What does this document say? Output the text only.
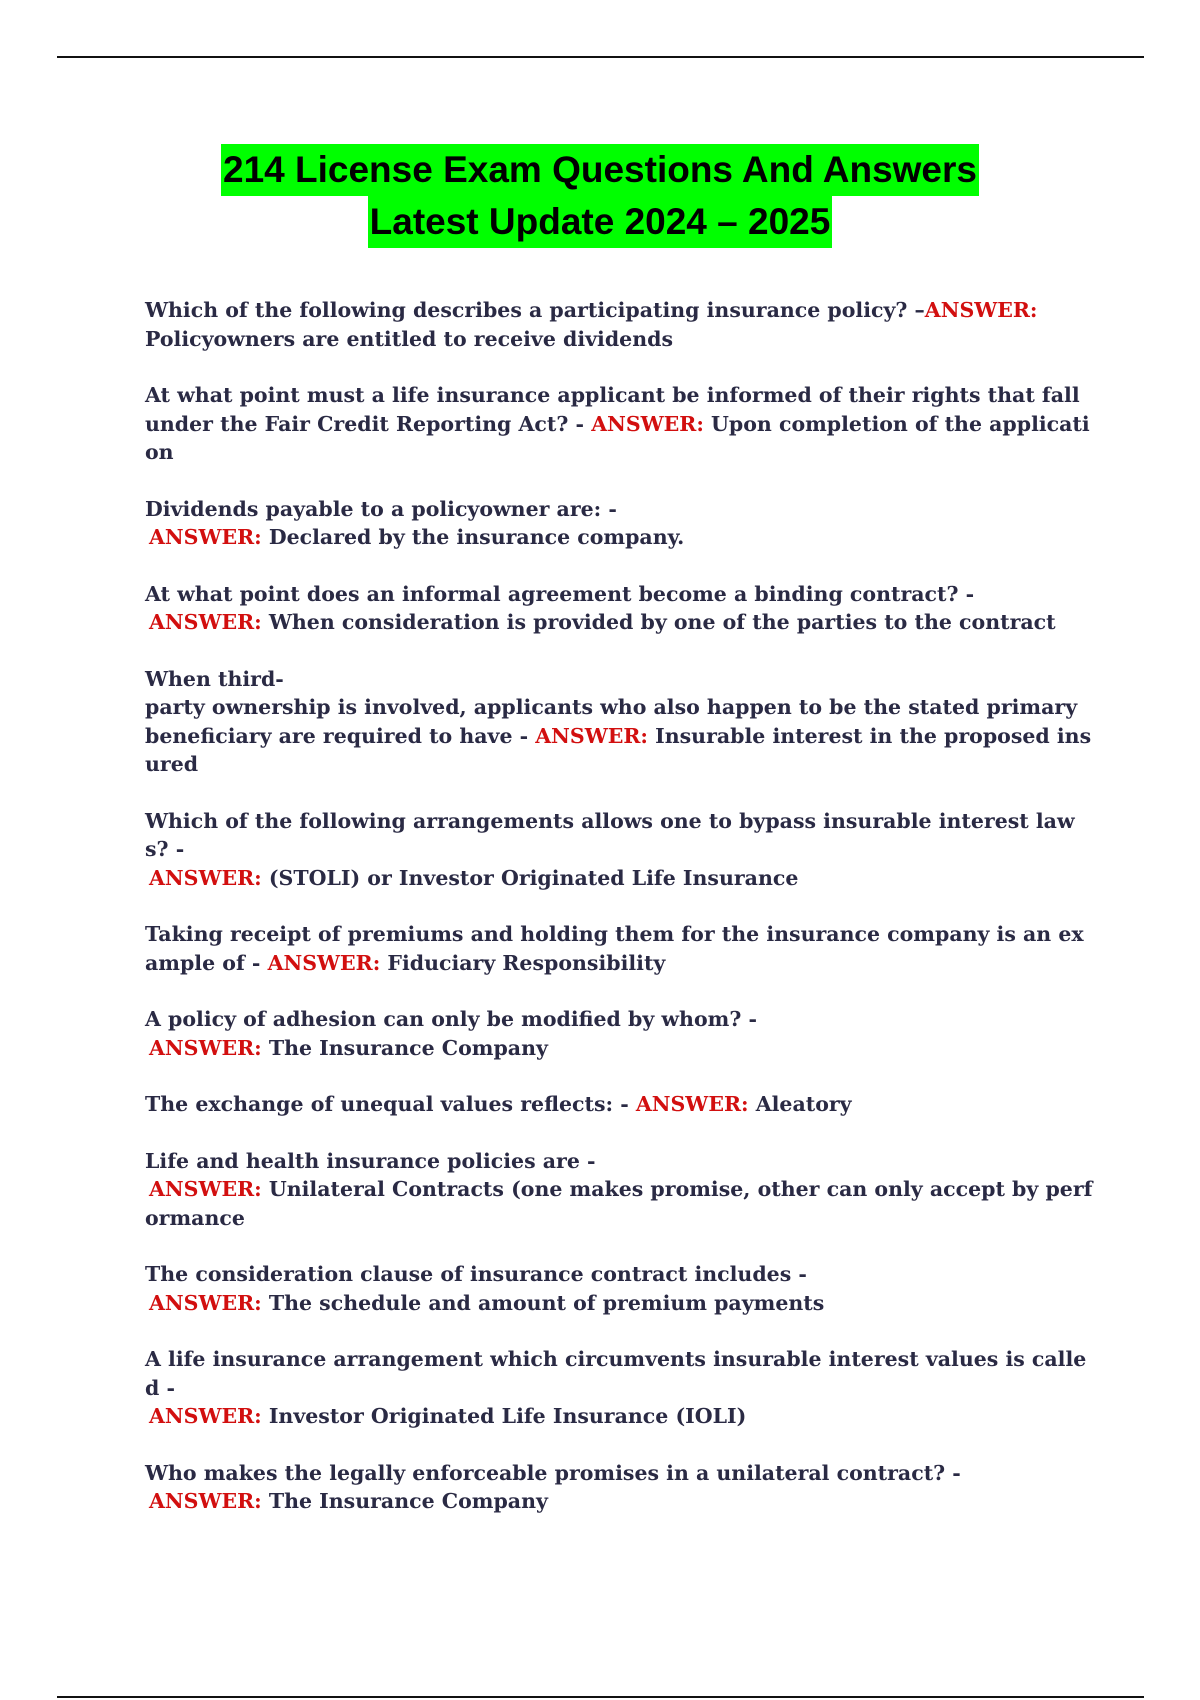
214 License Exam Questions And Answers
Latest Update 2024 – 2025
Which of the following describes a participating insurance policy? –ANSWER:
Policyowners are entitled to receive dividends
At what point must a life insurance applicant be informed of their rights that fall under the Fair Credit Reporting Act? - ANSWER: Upon completion of the application
Dividends payable to a policyowner are: -
ANSWER: Declared by the insurance company.
At what point does an informal agreement become a binding contract? -
ANSWER: When consideration is provided by one of the parties to the contract
When third-
party ownership is involved, applicants who also happen to be the stated primary beneficiary are required to have - ANSWER: Insurable interest in the proposed insured
Which of the following arrangements allows one to bypass insurable interest laws? -
ANSWER: (STOLI) or Investor Originated Life Insurance
Taking receipt of premiums and holding them for the insurance company is an example of - ANSWER: Fiduciary Responsibility
A policy of adhesion can only be modified by whom? -
ANSWER: The Insurance Company
The exchange of unequal values reflects: - ANSWER: Aleatory
Life and health insurance policies are -
ANSWER: Unilateral Contracts (one makes promise, other can only accept by performance
The consideration clause of insurance contract includes -
ANSWER: The schedule and amount of premium payments
A life insurance arrangement which circumvents insurable interest values is called -
ANSWER: Investor Originated Life Insurance (IOLI)
Who makes the legally enforceable promises in a unilateral contract? -
ANSWER: The Insurance Company
